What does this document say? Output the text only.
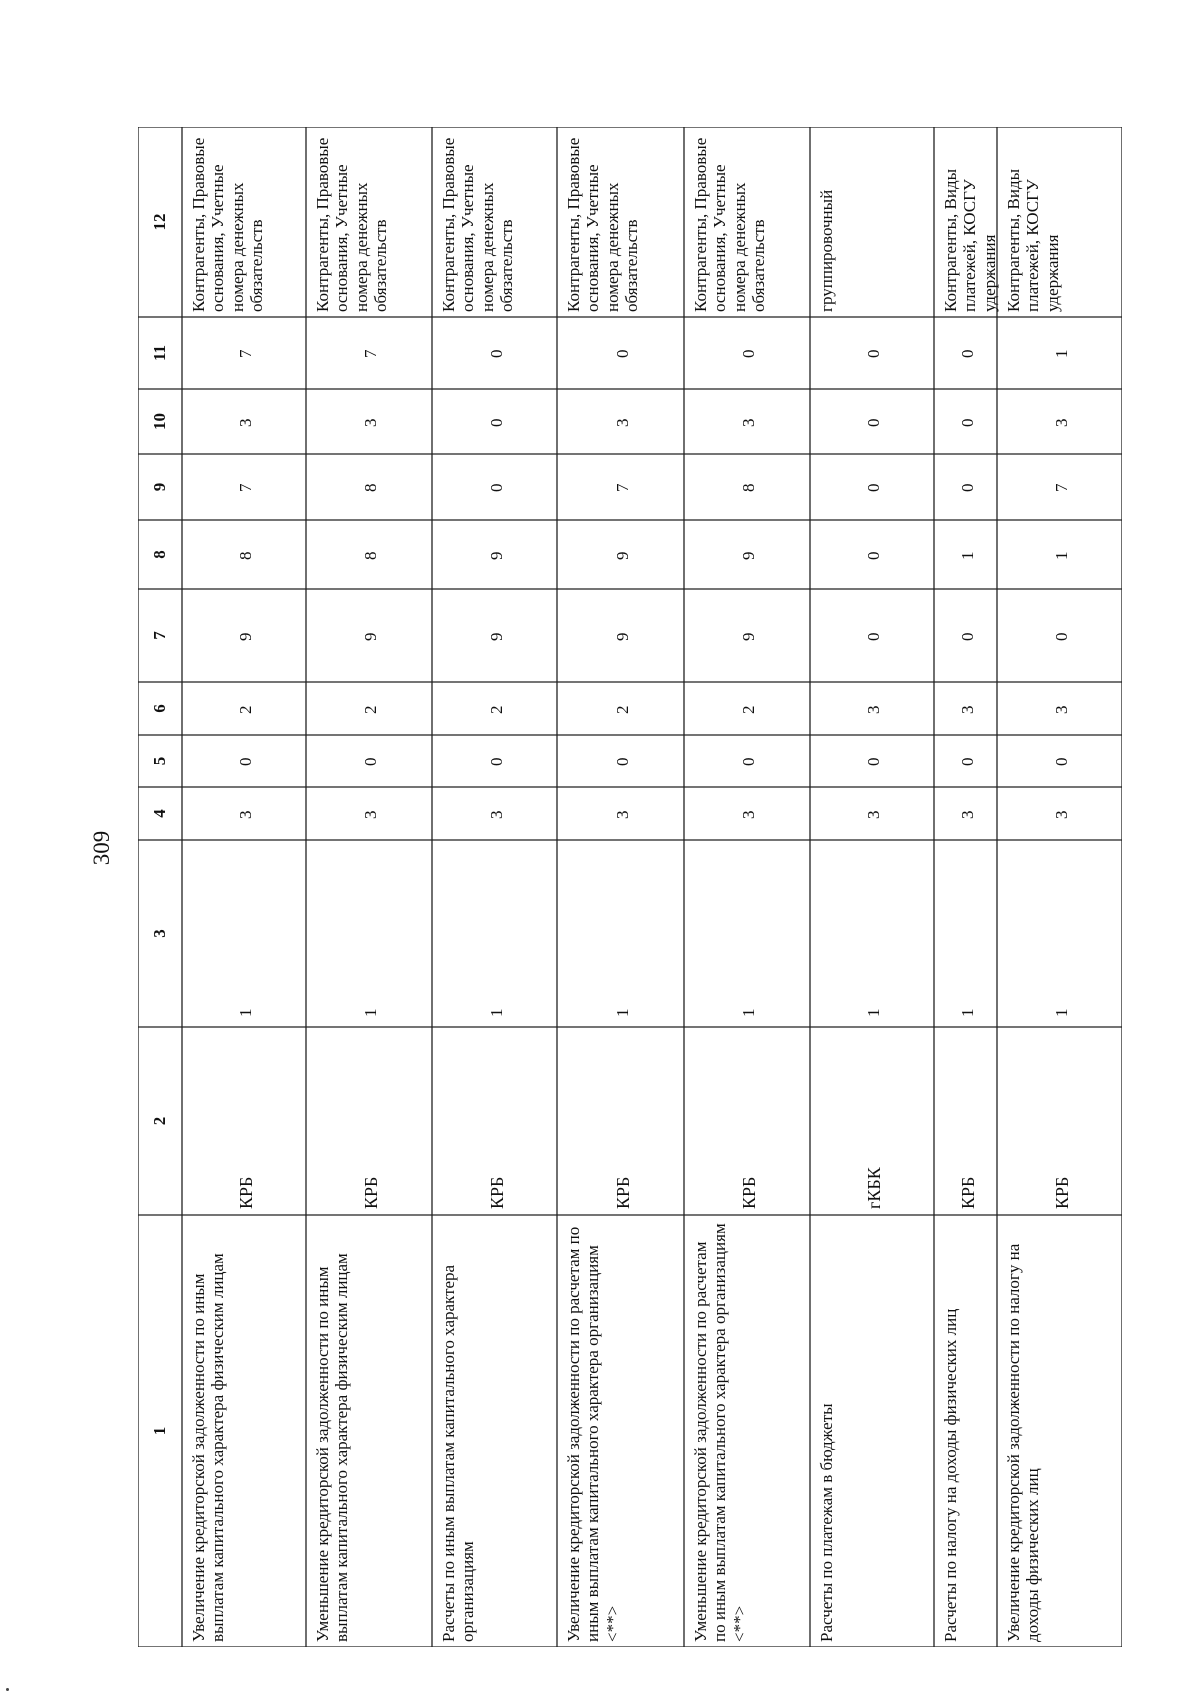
309
1
2
3
4
5
6
7
8
9
10
11
12
Увеличение кредиторской задолженности по иным выплатам капитального характера физическим лицам
КРБ
1
3
0
2
9
8
7
3
7
Контрагенты, Правовые основания, Учетные номера денежных обязательств
Уменьшение кредиторской задолженности по иным выплатам капитального характера физическим лицам
КРБ
1
3
0
2
9
8
8
3
7
Контрагенты, Правовые основания, Учетные номера денежных обязательств
Расчеты по иным выплатам капитального характера организациям
КРБ
1
3
0
2
9
9
0
0
0
Контрагенты, Правовые основания, Учетные номера денежных обязательств
Увеличение кредиторской задолженности по расчетам по иным выплатам капитального характера организациям <**>
КРБ
1
3
0
2
9
9
7
3
0
Контрагенты, Правовые основания, Учетные номера денежных обязательств
Уменьшение кредиторской задолженности по расчетам по иным выплатам капитального характера организациям <**>
КРБ
1
3
0
2
9
9
8
3
0
Контрагенты, Правовые основания, Учетные номера денежных обязательств
Расчеты по платежам в бюджеты
гКБК
1
3
0
3
0
0
0
0
0
группировочный
Расчеты по налогу на доходы физических лиц
КРБ
1
3
0
3
0
1
0
0
0
Контрагенты, Виды платежей, КОСГУ удержания
Увеличение кредиторской задолженности по налогу на доходы физических лиц
КРБ
1
3
0
3
0
1
7
3
1
Контрагенты, Виды платежей, КОСГУ удержания
